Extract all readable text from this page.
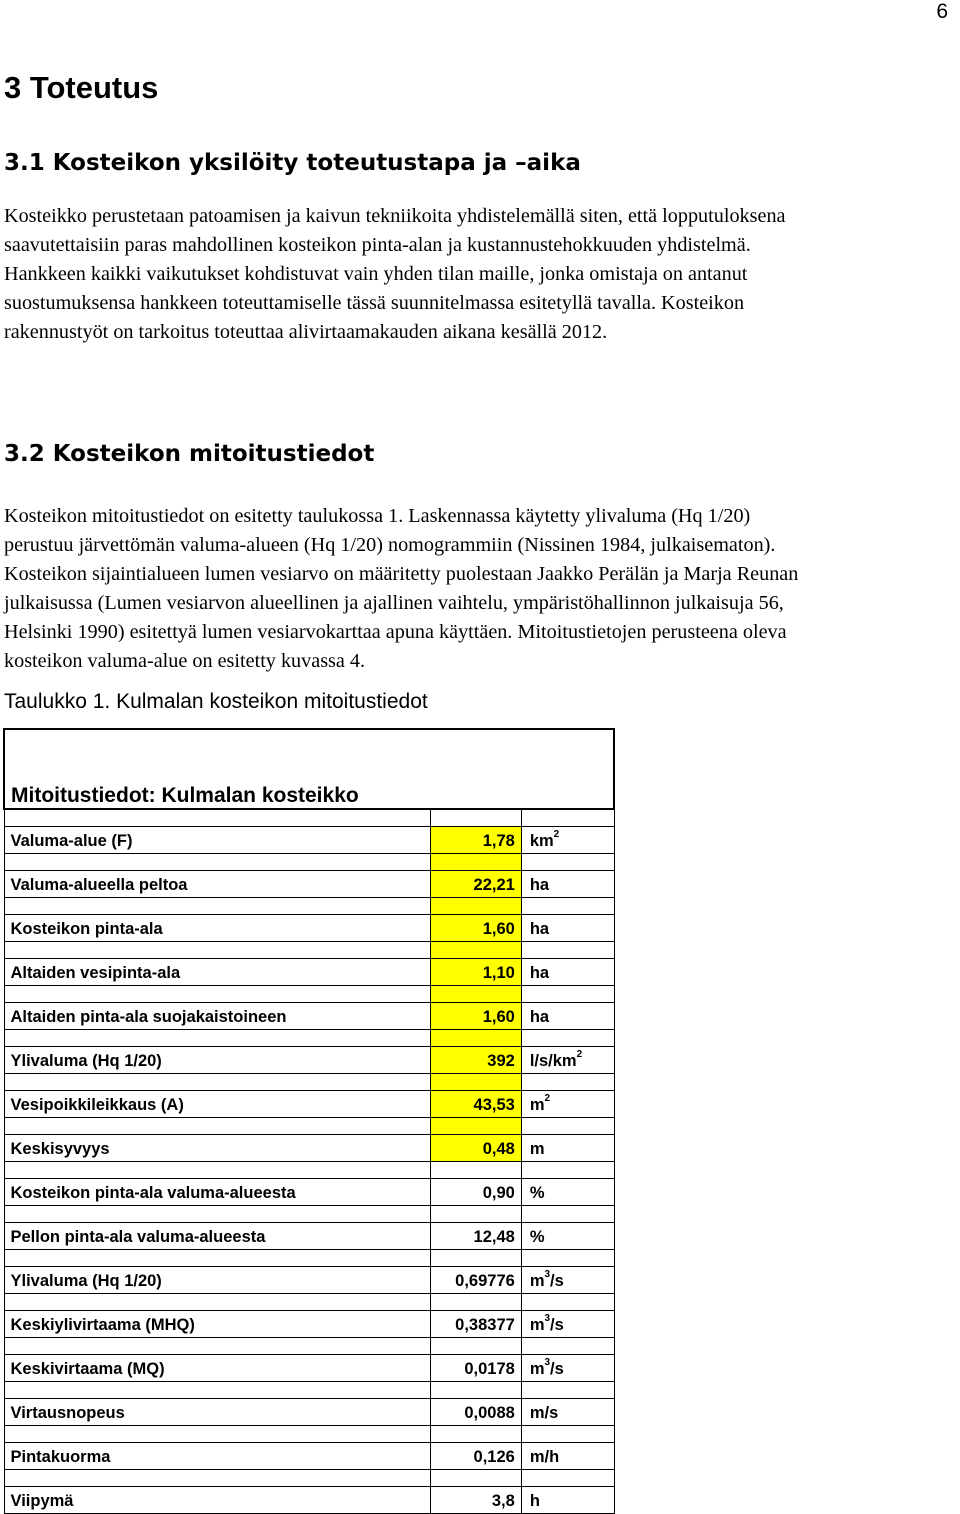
6
3 Toteutus
3.1 Kosteikon yksilöity toteutustapa ja –aika
Kosteikko perustetaan patoamisen ja kaivun tekniikoita yhdistelemällä siten, että lopputuloksena
saavutettaisiin paras mahdollinen kosteikon pinta-alan ja kustannustehokkuuden yhdistelmä.
Hankkeen kaikki vaikutukset kohdistuvat vain yhden tilan maille, jonka omistaja on antanut
suostumuksensa hankkeen toteuttamiselle tässä suunnitelmassa esitetyllä tavalla. Kosteikon
rakennustyöt on tarkoitus toteuttaa alivirtaamakauden aikana kesällä 2012.
3.2 Kosteikon mitoitustiedot
Kosteikon mitoitustiedot on esitetty taulukossa 1. Laskennassa käytetty ylivaluma (Hq 1/20)
perustuu järvettömän valuma-alueen (Hq 1/20) nomogrammiin (Nissinen 1984, julkaisematon).
Kosteikon sijaintialueen lumen vesiarvo on määritetty puolestaan Jaakko Perälän ja Marja Reunan
julkaisussa (Lumen vesiarvon alueellinen ja ajallinen vaihtelu, ympäristöhallinnon julkaisuja 56,
Helsinki 1990) esitettyä lumen vesiarvokarttaa apuna käyttäen. Mitoitustietojen perusteena oleva
kosteikon valuma-alue on esitetty kuvassa 4.
Taulukko 1. Kulmalan kosteikon mitoitustiedot
Mitoitustiedot: Kulmalan kosteikko		

Valuma-alue (F)	1,78	$km^2$

Valuma-alueella peltoa	22,21	ha

Kosteikon pinta-ala	1,60	ha

Altaiden vesipinta-ala	1,10	ha

Altaiden pinta-ala suojakaistoineen	1,60	ha

Ylivaluma (Hq 1/20)	392	$l/s/km^2$

Vesipoikkileikkaus (A)	43,53	$m^2$

Keskisyvyys	0,48	m

Kosteikon pinta-ala valuma-alueesta	0,90	%

Pellon pinta-ala valuma-alueesta	12,48	%

Ylivaluma (Hq 1/20)	0,69776	$m^3/s$

Keskiylivirtaama (MHQ)	0,38377	$m^3/s$

Keskivirtaama (MQ)	0,0178	$m^3/s$

Virtausnopeus	0,0088	m/s

Pintakuorma	0,126	m/h

Viipymä	3,8	h
